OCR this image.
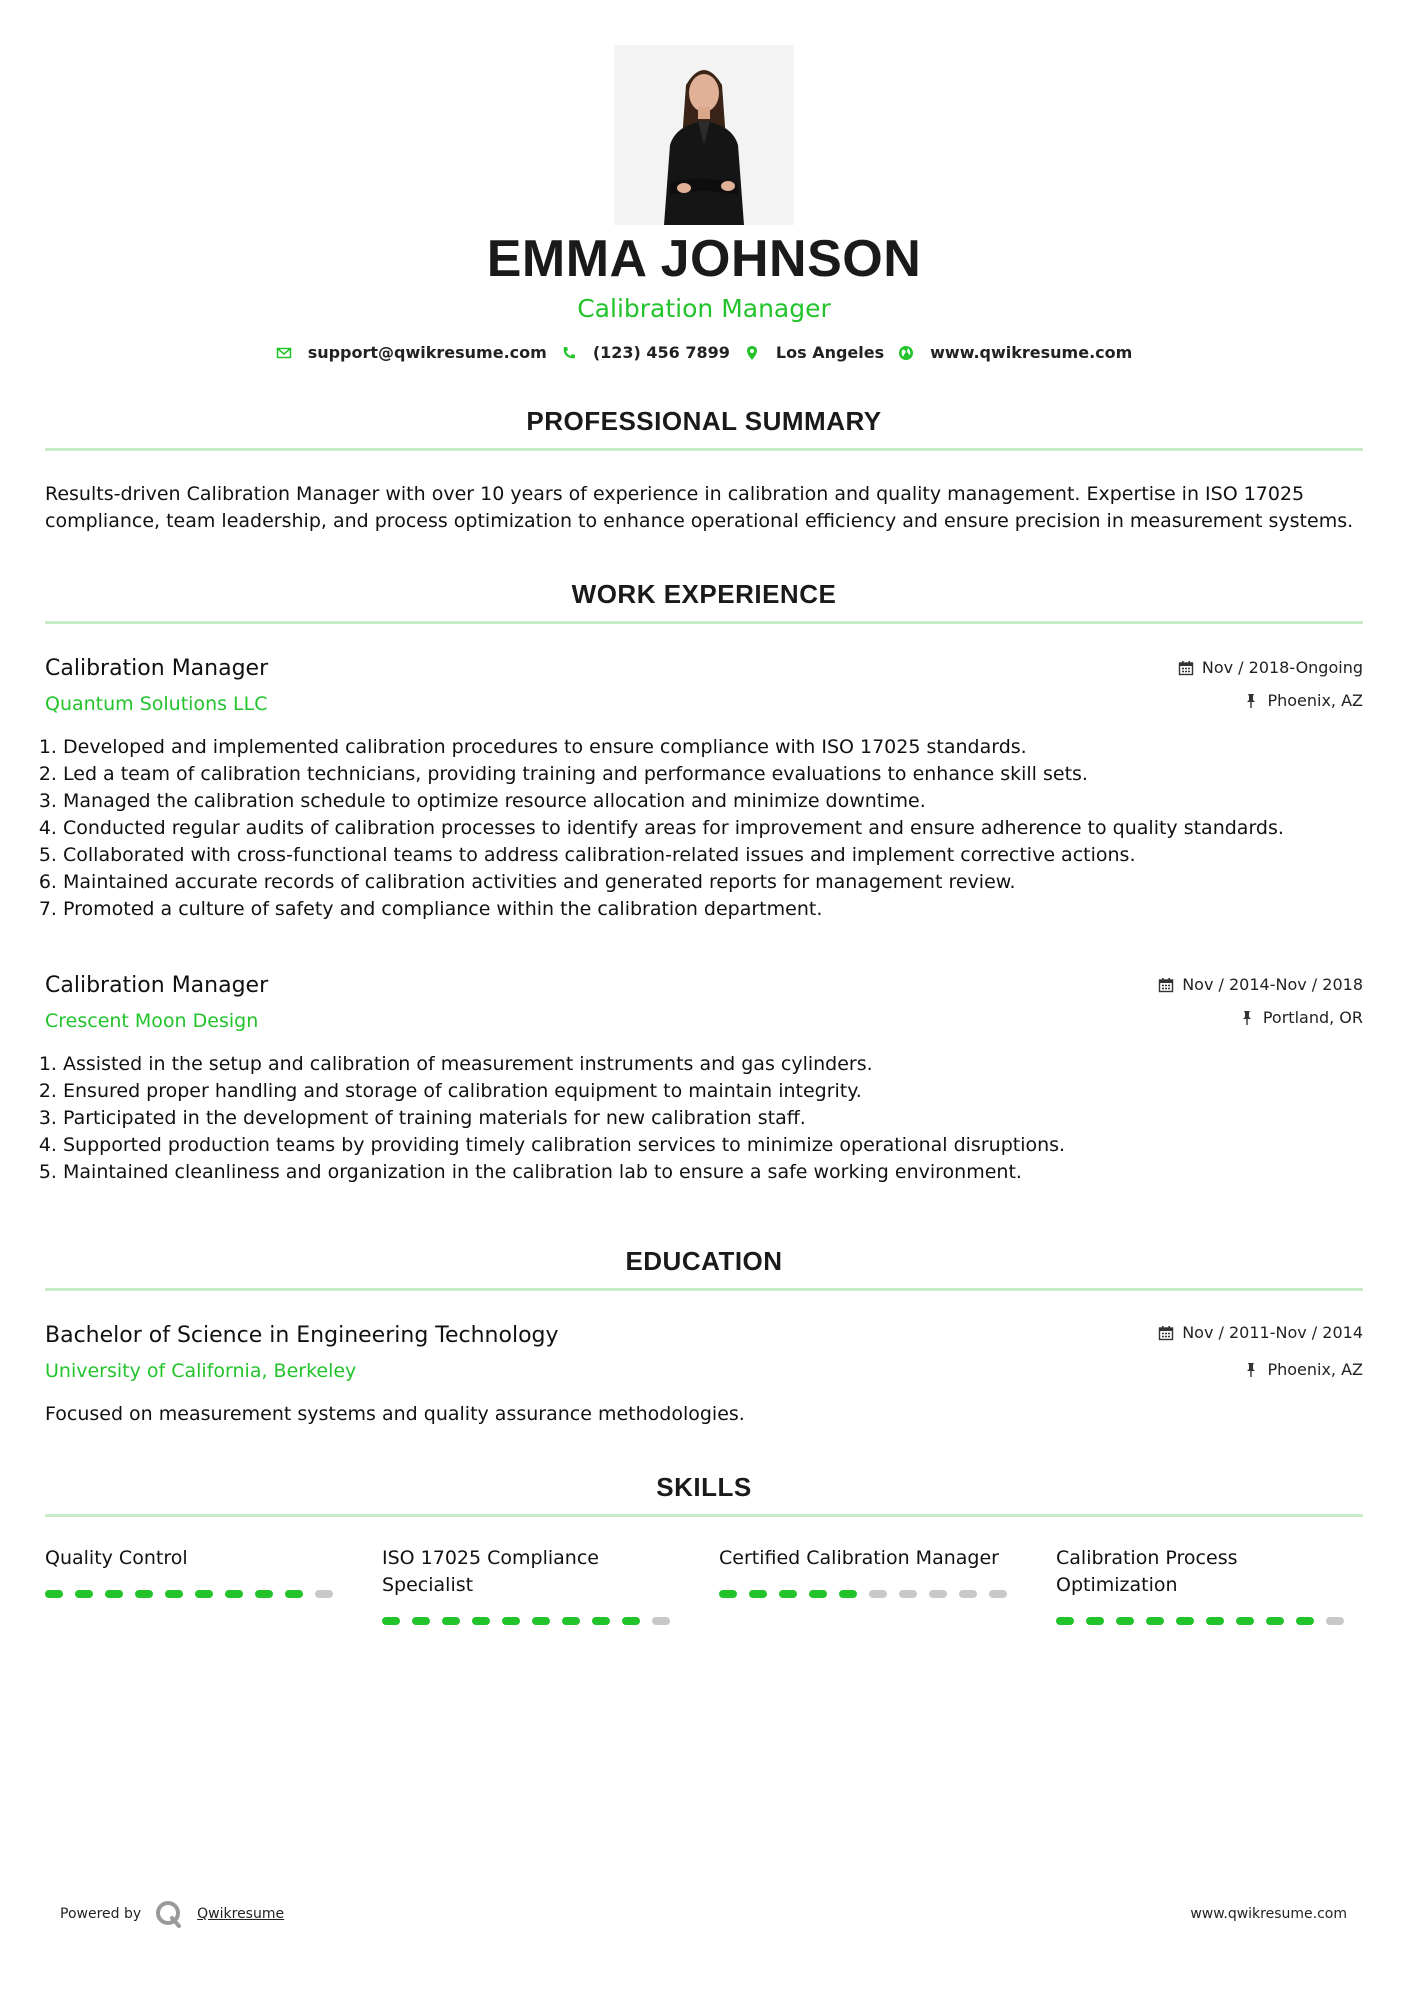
EMMA JOHNSON
Calibration Manager
support@qwikresume.com	(123) 456 7899	Los Angeles	www.qwikresume.com
PROFESSIONAL SUMMARY
Results-driven Calibration Manager with over 10 years of experience in calibration and quality management. Expertise in ISO 17025 compliance, team leadership, and process optimization to enhance operational efficiency and ensure precision in measurement systems.
WORK EXPERIENCE
Nov / 2018-Ongoing
Phoenix, AZ
Calibration Manager
Quantum Solutions LLC
1. Developed and implemented calibration procedures to ensure compliance with ISO 17025 standards.
2. Led a team of calibration technicians, providing training and performance evaluations to enhance skill sets.
3. Managed the calibration schedule to optimize resource allocation and minimize downtime.
4. Conducted regular audits of calibration processes to identify areas for improvement and ensure adherence to quality standards.
5. Collaborated with cross-functional teams to address calibration-related issues and implement corrective actions.
6. Maintained accurate records of calibration activities and generated reports for management review.
7. Promoted a culture of safety and compliance within the calibration department.
Nov / 2014-Nov / 2018
Portland, OR
Calibration Manager
Crescent Moon Design
1. Assisted in the setup and calibration of measurement instruments and gas cylinders.
2. Ensured proper handling and storage of calibration equipment to maintain integrity.
3. Participated in the development of training materials for new calibration staff.
4. Supported production teams by providing timely calibration services to minimize operational disruptions.
5. Maintained cleanliness and organization in the calibration lab to ensure a safe working environment.
EDUCATION
Nov / 2011-Nov / 2014
Phoenix, AZ
Bachelor of Science in Engineering Technology
University of California, Berkeley
Focused on measurement systems and quality assurance methodologies.
SKILLS
Quality Control	ISO 17025 Compliance Specialist
Certified Calibration Manager	Calibration Process Optimization
Powered by	Qwikresume	www.qwikresume.com
